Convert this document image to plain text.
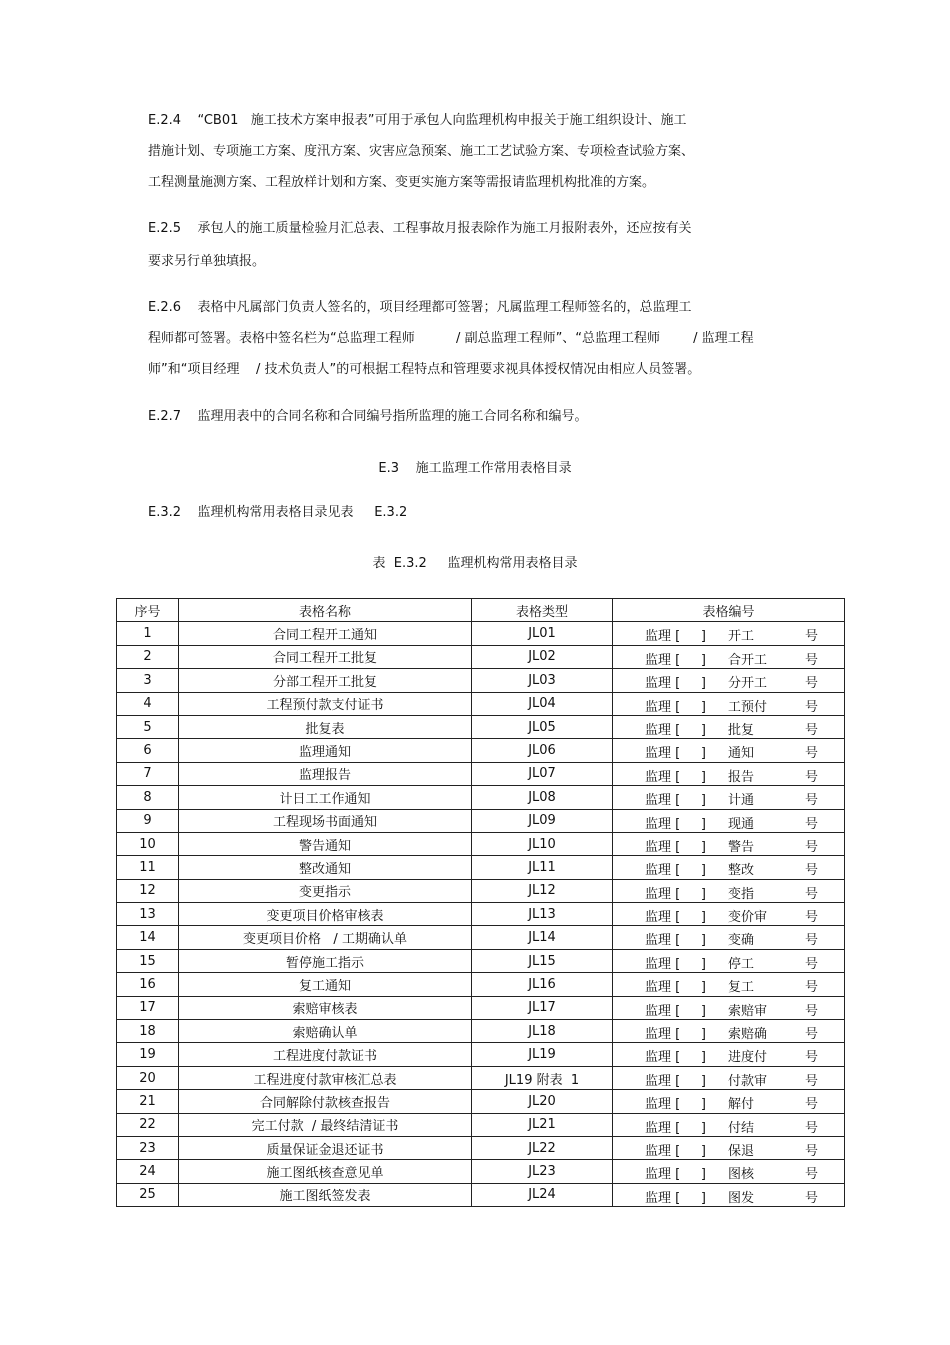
E.2.4    “CB01   施工技术方案申报表”可用于承包人向监理机构申报关于施工组织设计、施工
措施计划、专项施工方案、度汛方案、灾害应急预案、施工工艺试验方案、专项检查试验方案、
工程测量施测方案、工程放样计划和方案、变更实施方案等需报请监理机构批准的方案。
E.2.5    承包人的施工质量检验月汇总表、工程事故月报表除作为施工月报附表外，还应按有关
要求另行单独填报。
E.2.6    表格中凡属部门负责人签名的，项目经理都可签署；凡属监理工程师签名的，总监理工
程师都可签署。表格中签名栏为“总监理工程师          / 副总监理工程师”、“总监理工程师        / 监理工程
师”和“项目经理    / 技术负责人”的可根据工程特点和管理要求视具体授权情况由相应人员签署。
E.2.7    监理用表中的合同名称和合同编号指所监理的施工合同名称和编号。
E.3    施工监理工作常用表格目录
E.3.2    监理机构常用表格目录见表     E.3.2
表  E.3.2     监理机构常用表格目录
序号	表格名称	表格类型	表格编号
1	合同工程开工通知	JL01	监理 [     ] 开工 号

2	合同工程开工批复	JL02	监理 [     ] 合开工 号

3	分部工程开工批复	JL03	监理 [     ] 分开工 号

4	工程预付款支付证书	JL04	监理 [     ] 工预付 号

5	批复表	JL05	监理 [     ] 批复 号

6	监理通知	JL06	监理 [     ] 通知 号

7	监理报告	JL07	监理 [     ] 报告 号

8	计日工工作通知	JL08	监理 [     ] 计通 号

9	工程现场书面通知	JL09	监理 [     ] 现通 号

10	警告通知	JL10	监理 [     ] 警告 号

11	整改通知	JL11	监理 [     ] 整改 号

12	变更指示	JL12	监理 [     ] 变指 号

13	变更项目价格审核表	JL13	监理 [     ] 变价审 号

14	变更项目价格   / 工期确认单	JL14	监理 [     ] 变确 号

15	暂停施工指示	JL15	监理 [     ] 停工 号

16	复工通知	JL16	监理 [     ] 复工 号

17	索赔审核表	JL17	监理 [     ] 索赔审 号

18	索赔确认单	JL18	监理 [     ] 索赔确 号

19	工程进度付款证书	JL19	监理 [     ] 进度付 号

20	工程进度付款审核汇总表	JL19 附表  1	监理 [     ] 付款审 号

21	合同解除付款核查报告	JL20	监理 [     ] 解付 号

22	完工付款  / 最终结清证书	JL21	监理 [     ] 付结 号

23	质量保证金退还证书	JL22	监理 [     ] 保退 号

24	施工图纸核查意见单	JL23	监理 [     ] 图核 号

25	施工图纸签发表	JL24	监理 [     ] 图发 号
